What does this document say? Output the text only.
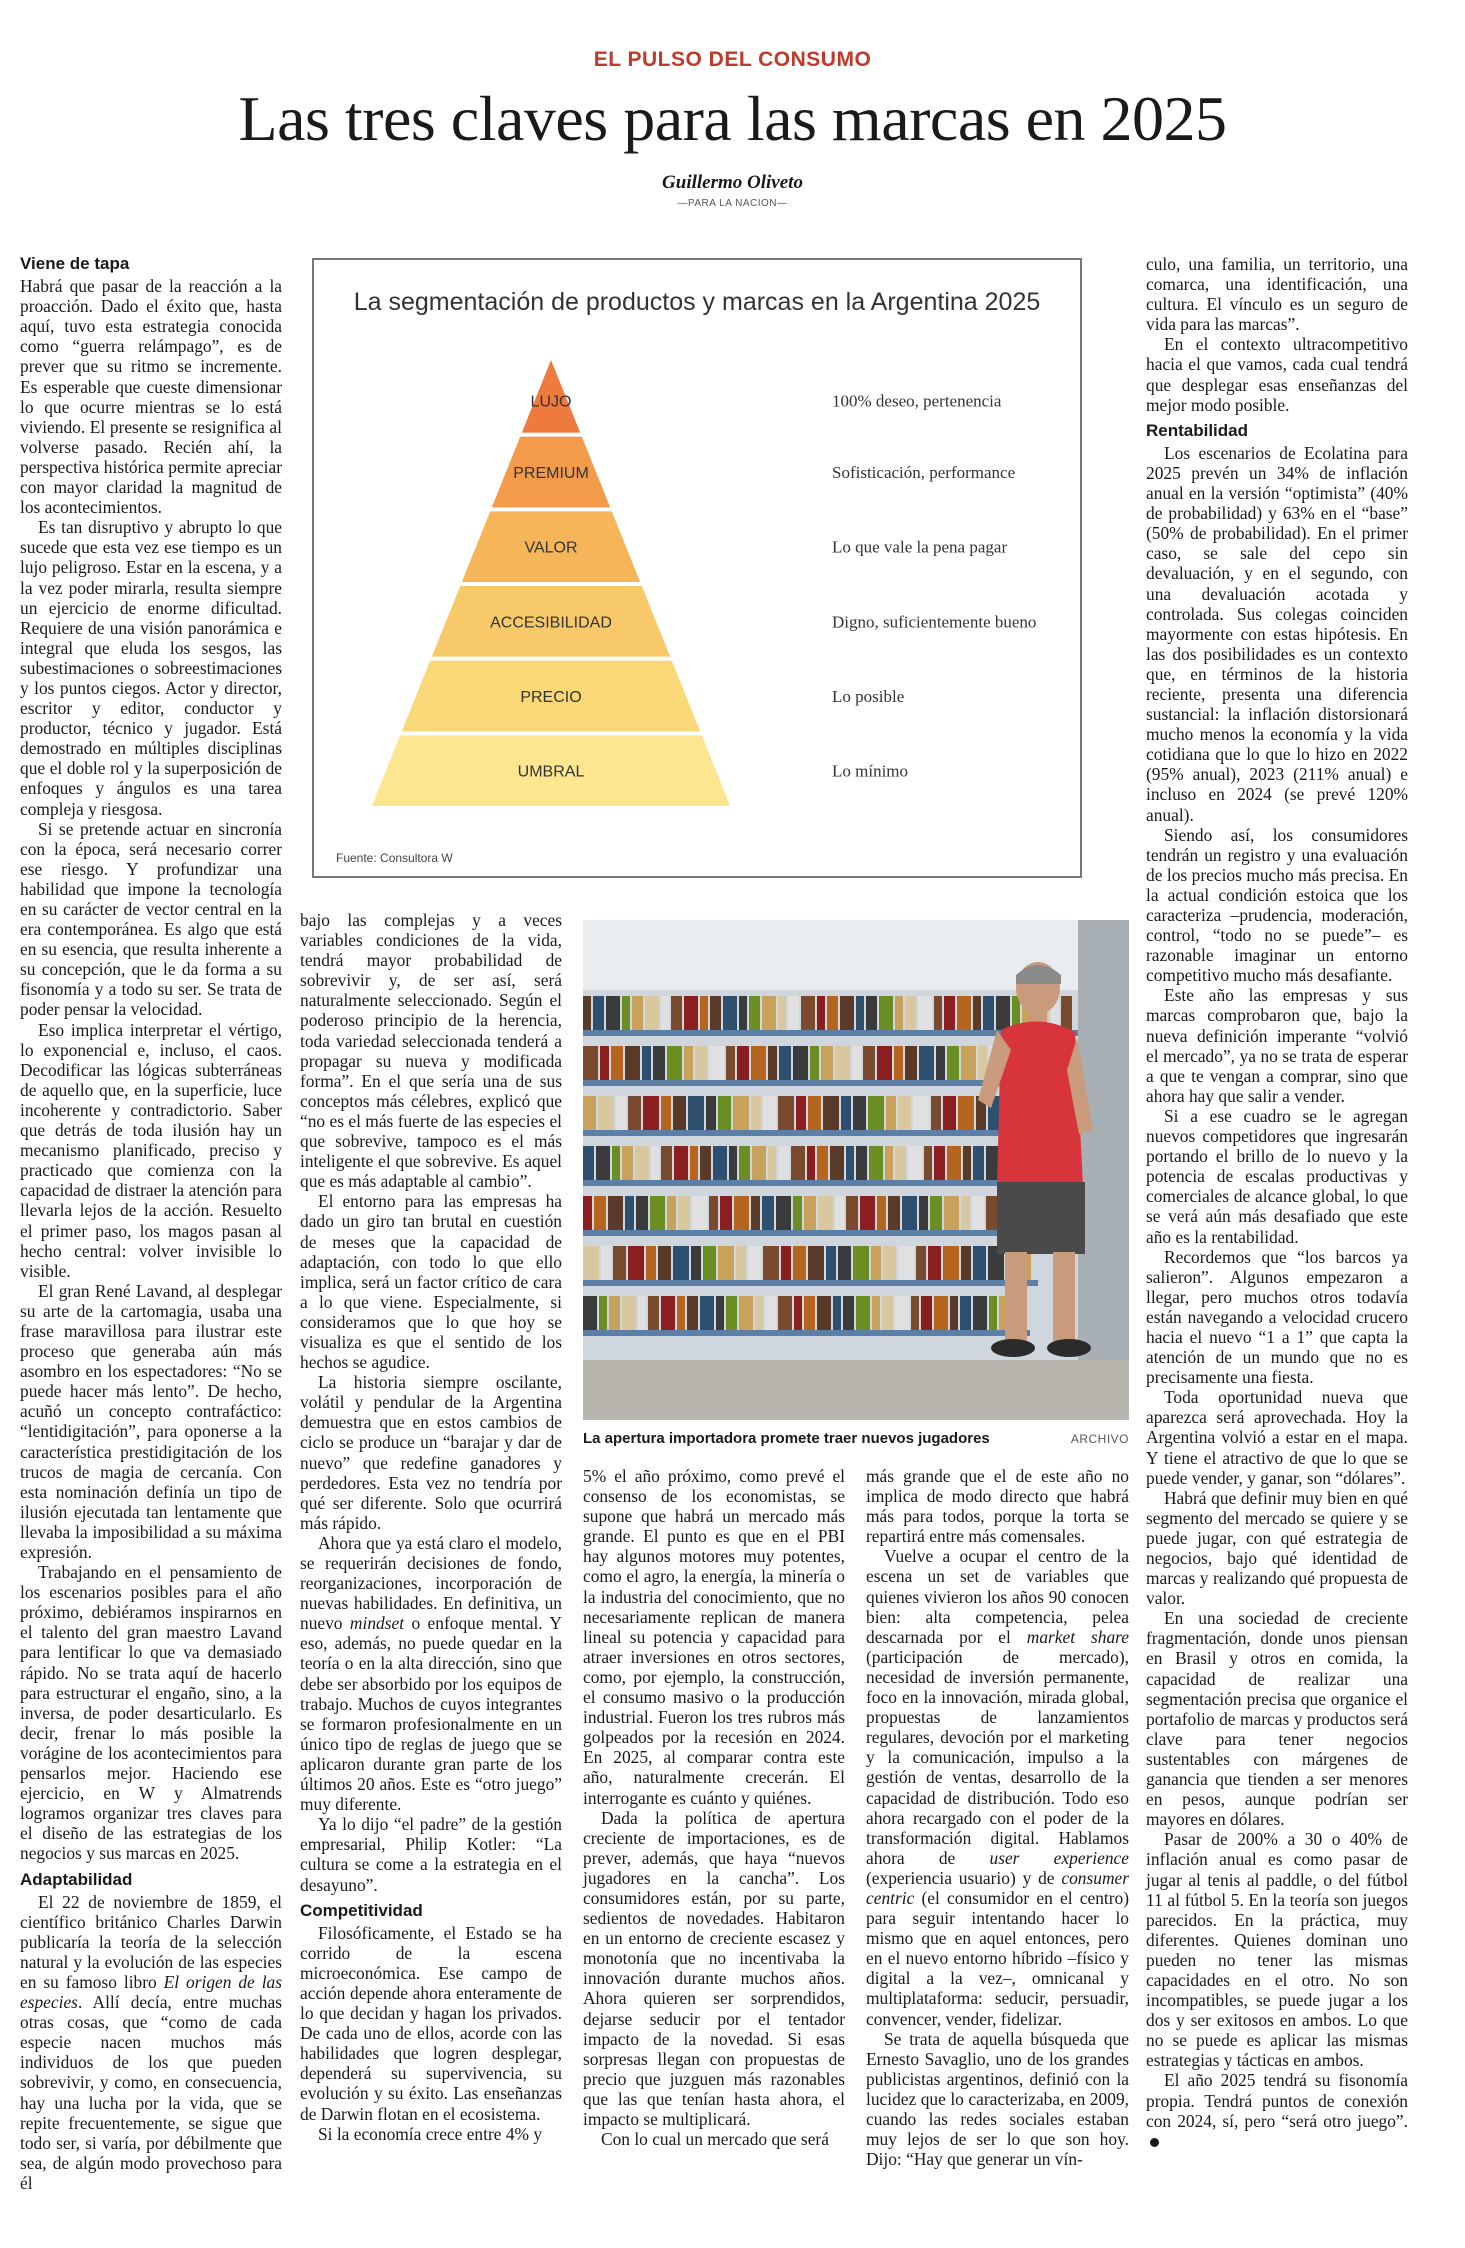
EL PULSO DEL CONSUMO
Las tres claves para las marcas en 2025
Guillermo Oliveto
—PARA LA NACION—
Viene de tapa

Habrá que pasar de la reacción a la proacción. Dado el éxito que, hasta aquí, tuvo esta estrategia conocida como “guerra relámpago”, es de prever que su ritmo se incremente. Es esperable que cueste dimensionar lo que ocurre mientras se lo está viviendo. El presente se resignifica al volverse pasado. Recién ahí, la perspectiva histórica permite apreciar con mayor claridad la magnitud de los acontecimientos.

Es tan disruptivo y abrupto lo que sucede que esta vez ese tiempo es un lujo peligroso. Estar en la escena, y a la vez poder mirarla, resulta siempre un ejercicio de enorme dificultad. Requiere de una visión panorámica e integral que eluda los sesgos, las subestimaciones o sobreestimaciones y los puntos ciegos. Actor y director, escritor y editor, conductor y productor, técnico y jugador. Está demostrado en múltiples disciplinas que el doble rol y la superposición de enfoques y ángulos es una tarea compleja y riesgosa.

Si se pretende actuar en sincronía con la época, será necesario correr ese riesgo. Y profundizar una habilidad que impone la tecnología en su carácter de vector central en la era contemporánea. Es algo que está en su esencia, que resulta inherente a su concepción, que le da forma a su fisonomía y a todo su ser. Se trata de poder pensar la velocidad.

Eso implica interpretar el vértigo, lo exponencial e, incluso, el caos. Decodificar las lógicas subterráneas de aquello que, en la superficie, luce incoherente y contradictorio. Saber que detrás de toda ilusión hay un mecanismo planificado, preciso y practicado que comienza con la capacidad de distraer la atención para llevarla lejos de la acción. Resuelto el primer paso, los magos pasan al hecho central: volver invisible lo visible.

El gran René Lavand, al desplegar su arte de la cartomagia, usaba una frase maravillosa para ilustrar este proceso que generaba aún más asombro en los espectadores: “No se puede hacer más lento”. De hecho, acuñó un concepto contrafáctico: “lentidigitación”, para oponerse a la característica prestidigitación de los trucos de magia de cercanía. Con esta nominación definía un tipo de ilusión ejecutada tan lentamente que llevaba la imposibilidad a su máxima expresión.

Trabajando en el pensamiento de los escenarios posibles para el año próximo, debiéramos inspirarnos en el talento del gran maestro Lavand para lentificar lo que va demasiado rápido. No se trata aquí de hacerlo para estructurar el engaño, sino, a la inversa, de poder desarticularlo. Es decir, frenar lo más posible la vorágine de los acontecimientos para pensarlos mejor. Haciendo ese ejercicio, en W y Almatrends logramos organizar tres claves para el diseño de las estrategias de los negocios y sus marcas en 2025.

Adaptabilidad

El 22 de noviembre de 1859, el científico británico Charles Darwin publicaría la teoría de la selección natural y la evolución de las especies en su famoso libro El origen de las especies. Allí decía, entre muchas otras cosas, que “como de cada especie nacen muchos más individuos de los que pueden sobrevivir, y como, en consecuencia, hay una lucha por la vida, que se repite frecuentemente, se sigue que todo ser, si varía, por débilmente que sea, de algún modo provechoso para él

La segmentación de productos y marcas en la Argentina 2025
LUJO	100% deseo, pertenencia
PREMIUM	Sofisticación, performance
VALOR	Lo que vale la pena pagar
ACCESIBILIDAD	Digno, suficientemente bueno
PRECIO	Lo posible
UMBRAL	Lo mínimo
Fuente: Consultora W

bajo las complejas y a veces variables condiciones de la vida, tendrá mayor probabilidad de sobrevivir y, de ser así, será naturalmente seleccionado. Según el poderoso principio de la herencia, toda variedad seleccionada tenderá a propagar su nueva y modificada forma”. En el que sería una de sus conceptos más célebres, explicó que “no es el más fuerte de las especies el que sobrevive, tampoco es el más inteligente el que sobrevive. Es aquel que es más adaptable al cambio”.

El entorno para las empresas ha dado un giro tan brutal en cuestión de meses que la capacidad de adaptación, con todo lo que ello implica, será un factor crítico de cara a lo que viene. Especialmente, si consideramos que lo que hoy se visualiza es que el sentido de los hechos se agudice.

La historia siempre oscilante, volátil y pendular de la Argentina demuestra que en estos cambios de ciclo se produce un “barajar y dar de nuevo” que redefine ganadores y perdedores. Esta vez no tendría por qué ser diferente. Solo que ocurrirá más rápido.

Ahora que ya está claro el modelo, se requerirán decisiones de fondo, reorganizaciones, incorporación de nuevas habilidades. En definitiva, un nuevo mindset o enfoque mental. Y eso, además, no puede quedar en la teoría o en la alta dirección, sino que debe ser absorbido por los equipos de trabajo. Muchos de cuyos integrantes se formaron profesionalmente en un único tipo de reglas de juego que se aplicaron durante gran parte de los últimos 20 años. Este es “otro juego” muy diferente.

Ya lo dijo “el padre” de la gestión empresarial, Philip Kotler: “La cultura se come a la estrategia en el desayuno”.

Competitividad

Filosóficamente, el Estado se ha corrido de la escena microeconómica. Ese campo de acción depende ahora enteramente de lo que decidan y hagan los privados. De cada uno de ellos, acorde con las habilidades que logren desplegar, dependerá su supervivencia, su evolución y su éxito. Las enseñanzas de Darwin flotan en el ecosistema.

Si la economía crece entre 4% y

La apertura importadora promete traer nuevos jugadores	ARCHIVO

5% el año próximo, como prevé el consenso de los economistas, se supone que habrá un mercado más grande. El punto es que en el PBI hay algunos motores muy potentes, como el agro, la energía, la minería o la industria del conocimiento, que no necesariamente replican de manera lineal su potencia y capacidad para atraer inversiones en otros sectores, como, por ejemplo, la construcción, el consumo masivo o la producción industrial. Fueron los tres rubros más golpeados por la recesión en 2024. En 2025, al comparar contra este año, naturalmente crecerán. El interrogante es cuánto y quiénes.

Dada la política de apertura creciente de importaciones, es de prever, además, que haya “nuevos jugadores en la cancha”. Los consumidores están, por su parte, sedientos de novedades. Habitaron en un entorno de creciente escasez y monotonía que no incentivaba la innovación durante muchos años. Ahora quieren ser sorprendidos, dejarse seducir por el tentador impacto de la novedad. Si esas sorpresas llegan con propuestas de precio que juzguen más razonables que las que tenían hasta ahora, el impacto se multiplicará.

Con lo cual un mercado que será

más grande que el de este año no implica de modo directo que habrá más para todos, porque la torta se repartirá entre más comensales.

Vuelve a ocupar el centro de la escena un set de variables que quienes vivieron los años 90 conocen bien: alta competencia, pelea descarnada por el market share (participación de mercado), necesidad de inversión permanente, foco en la innovación, mirada global, propuestas de lanzamientos regulares, devoción por el marketing y la comunicación, impulso a la gestión de ventas, desarrollo de la capacidad de distribución. Todo eso ahora recargado con el poder de la transformación digital. Hablamos ahora de user experience (experiencia usuario) y de consumer centric (el consumidor en el centro) para seguir intentando hacer lo mismo que en aquel entonces, pero en el nuevo entorno híbrido –físico y digital a la vez–, omnicanal y multiplataforma: seducir, persuadir, convencer, vender, fidelizar.

Se trata de aquella búsqueda que Ernesto Savaglio, uno de los grandes publicistas argentinos, definió con la lucidez que lo caracterizaba, en 2009, cuando las redes sociales estaban muy lejos de ser lo que son hoy. Dijo: “Hay que generar un vín-

culo, una familia, un territorio, una comarca, una identificación, una cultura. El vínculo es un seguro de vida para las marcas”.

En el contexto ultracompetitivo hacia el que vamos, cada cual tendrá que desplegar esas enseñanzas del mejor modo posible.

Rentabilidad

Los escenarios de Ecolatina para 2025 prevén un 34% de inflación anual en la versión “optimista” (40% de probabilidad) y 63% en el “base” (50% de probabilidad). En el primer caso, se sale del cepo sin devaluación, y en el segundo, con una devaluación acotada y controlada. Sus colegas coinciden mayormente con estas hipótesis. En las dos posibilidades es un contexto que, en términos de la historia reciente, presenta una diferencia sustancial: la inflación distorsionará mucho menos la economía y la vida cotidiana que lo que lo hizo en 2022 (95% anual), 2023 (211% anual) e incluso en 2024 (se prevé 120% anual).

Siendo así, los consumidores tendrán un registro y una evaluación de los precios mucho más precisa. En la actual condición estoica que los caracteriza –prudencia, moderación, control, “todo no se puede”– es razonable imaginar un entorno competitivo mucho más desafiante.

Este año las empresas y sus marcas comprobaron que, bajo la nueva definición imperante “volvió el mercado”, ya no se trata de esperar a que te vengan a comprar, sino que ahora hay que salir a vender.

Si a ese cuadro se le agregan nuevos competidores que ingresarán portando el brillo de lo nuevo y la potencia de escalas productivas y comerciales de alcance global, lo que se verá aún más desafiado que este año es la rentabilidad.

Recordemos que “los barcos ya salieron”. Algunos empezaron a llegar, pero muchos otros todavía están navegando a velocidad crucero hacia el nuevo “1 a 1” que capta la atención de un mundo que no es precisamente una fiesta.

Toda oportunidad nueva que aparezca será aprovechada. Hoy la Argentina volvió a estar en el mapa. Y tiene el atractivo de que lo que se puede vender, y ganar, son “dólares”.

Habrá que definir muy bien en qué segmento del mercado se quiere y se puede jugar, con qué estrategia de negocios, bajo qué identidad de marcas y realizando qué propuesta de valor.

En una sociedad de creciente fragmentación, donde unos piensan en Brasil y otros en comida, la capacidad de realizar una segmentación precisa que organice el portafolio de marcas y productos será clave para tener negocios sustentables con márgenes de ganancia que tienden a ser menores en pesos, aunque podrían ser mayores en dólares.

Pasar de 200% a 30 o 40% de inflación anual es como pasar de jugar al tenis al paddle, o del fútbol 11 al fútbol 5. En la teoría son juegos parecidos. En la práctica, muy diferentes. Quienes dominan uno pueden no tener las mismas capacidades en el otro. No son incompatibles, se puede jugar a los dos y ser exitosos en ambos. Lo que no se puede es aplicar las mismas estrategias y tácticas en ambos.

El año 2025 tendrá su fisonomía propia. Tendrá puntos de conexión con 2024, sí, pero “será otro juego”.
